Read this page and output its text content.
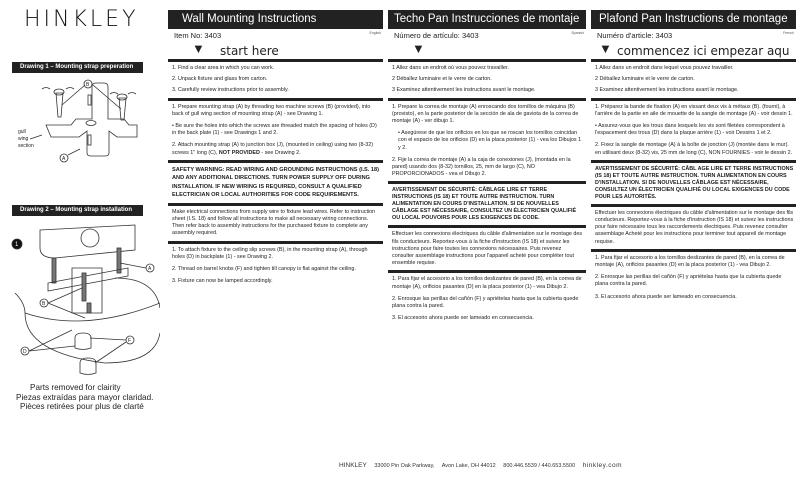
HINKLEY
Drawing 1 – Mounting strap preperation
B
A
gull
wing
section
Drawing 2 – Mounting strap installation
1
A
B
D
F
Parts removed for clairity
Piezas extraídas para mayor claridad.
Pièces retirées pour plus de clarté
Wall Mounting Instructions
Item No: 3403	English
▼ start here

1. Find a clear area in which you can work.

2. Unpack fixture and glass from carton.

3. Carefully review instructions prior to assembly.

1. Prepare mounting strap (A) by threading two machine screws (B) (provided), into back of gull wing section of mounting strap (A) - see Drawing 1.

• Be sure the holes into which the screws are threaded match the spacing of holes (D) in the back plate (1) - see Drawings 1 and 2.

2. Attach mounting strap (A) to junction box (J), (mounted in ceiling) using two (8-32) screws 1" long (C), NOT PROVIDED - see Drawing 2.

SAFETY WARNING: READ WIRING AND GROUNDING INSTRUCTIONS (I.S. 18) AND ANY ADDITIONAL DIRECTIONS. TURN POWER SUPPLY OFF DURING INSTALLATION. IF NEW WIRING IS REQUIRED, CONSULT A QUALIFIED ELECTRICIAN OR LOCAL AUTHORITIES FOR CODE REQUIREMENTS.
Make electrical connections from supply wire to fixture lead wires. Refer to instruction sheet (I.S. 18) and follow all instructions to make all necessary wiring connections. Then refer back to assembly instructions for the purchased fixture to complete any assembly required.

1. To attach fixture to the ceiling slip screws (B), in the mounting strap (A), through holes (D) in backplate (1) - see Drawing 2.

2. Thread on barrel knobs (F) and tighten till canopy is flat against the ceiling.

3. Fixture can now be lamped accordingly.

Techo Pan Instrucciones de montaje
Número de artículo: 3403	Spanish
▼

1 Allez dans un endroit où vous pouvez travailler.

2 Déballez luminaire et le verre de carton.

3 Examinez attentivement les instructions avant le montage.

1. Prepare la correa de montaje (A) enroscando dos tornillos de máquina (B) (provisto), en la parte posterior de la sección de ala de gaviota de la correa de montaje (A) - ver dibujo 1.

• Asegúrese de que los orificios en los que se roscan los tornillos coincidan con el espacio de los orificios (D) en la placa posterior (1) - vea los Dibujos 1 y 2.

2. Fije la correa de montaje (A) a la caja de conexiones (J), (montada en la pared) usando dos (8-32) tornillos, 25, mm de largo (C), NO PROPORCIONADOS - vea el Dibujo 2.

AVERTISSEMENT DE SÉCURITÉ: CÂBLAGE LIRE ET TERRE INSTRUCTIONS (IS 18) ET TOUTE AUTRE INSTRUCTION. TURN ALIMENTATION EN COURS D'INSTALLATION. SI DE NOUVELLES CÂBLAGE EST NÉCESSAIRE, CONSULTEZ UN ÉLECTRICIEN QUALIFIÉ OU LOCAL POUVOIRS POUR LES EXIGENCES DE CODE.
Effectuer les connexions électriques du câble d'alimentation sur le montage des fils conducteurs. Reportez-vous à la fiche d'instruction (IS 18) et suivez les instructions pour faire toutes les connexions nécessaires. Puis revenez consulter assemblage instructions pour l'appareil acheté pour compléter tout ensemble requise.

1. Para fijar el accesorio a los tornillos deslizantes de pared (B), en la correa de montaje (A), orificios pasantes (D) en la placa posterior (1) - vea Dibujo 2.

2. Enrosque las perillas del cañón (F) y apriételas hasta que la cubierta quede plana contra la pared.

3. El accesorio ahora puede ser lameado en consecuencia.

Plafond Pan Instructions de montage
Numéro d'article: 3403	French
▼ commencez ici empezar aqu

1 Allez dans un endroit dans lequel vous pouvez travailler.

2 Déballez luminaire et le verre de carton.

3 Examinez attentivement les instructions avant le montage.

1. Préparez la bande de fixation (A) en vissant deux vis à métaux (B). (fourni), à l'arrière de la partie en aile de mouette de la sangle de montage (A) - voir dessin 1.

• Assurez-vous que les trous dans lesquels les vis sont filetées correspondent à l'espacement des trous (D) dans la plaque arrière (1) - voir Dessins 1 et 2.

2. Fixez la sangle de montage (A) à la boîte de jonction (J) (montée dans le mur). en utilisant deux (8-32) vis, 25 mm de long (C), NON FOURNIES - voir le dessin 2.

AVERTISSEMENT DE SÉCURITÉ: CÂBL AGE LIRE ET TERRE INSTRUCTIONS (IS 18) ET TOUTE AUTRE INSTRUCTION. TURN ALIMENTATION EN COURS D'INSTALLATION. SI DE NOUVELLES CÂBLAGE EST NÉCESSAIRE, CONSULTEZ UN ÉLECTRICIEN QUALIFIÉ OU LOCAL EXIGENCES DU CODE POUR LES AUTORITÉS.
Effectuer les connexions électriques du câble d'alimentation sur le montage des fils conducteurs. Reportez-vous à la fiche d'instruction (IS 18) et suivez les instructions pour faire nécessaire tous les raccordements électriques. Puis revenez consulter assemblage Acheté pour les instructions pour terminer tout appareil de montage requise.

1. Para fijar el accesorio a los tornillos deslizantes de pared (B), en la correa de montaje (A), orificios pasantes (D) en la placa posterior (1) - vea Dibujo 2.

2. Enrosque las perillas del cañón (F) y apriételas hasta que la cubierta quede plana contra la pared.

3. El accesorio ahora puede ser lameado en consecuencia.

HINKLEY 33000 Pin Oak Parkway, Avon Lake, OH 44012 800.446.5539 / 440.653.5500 hinkley.com
